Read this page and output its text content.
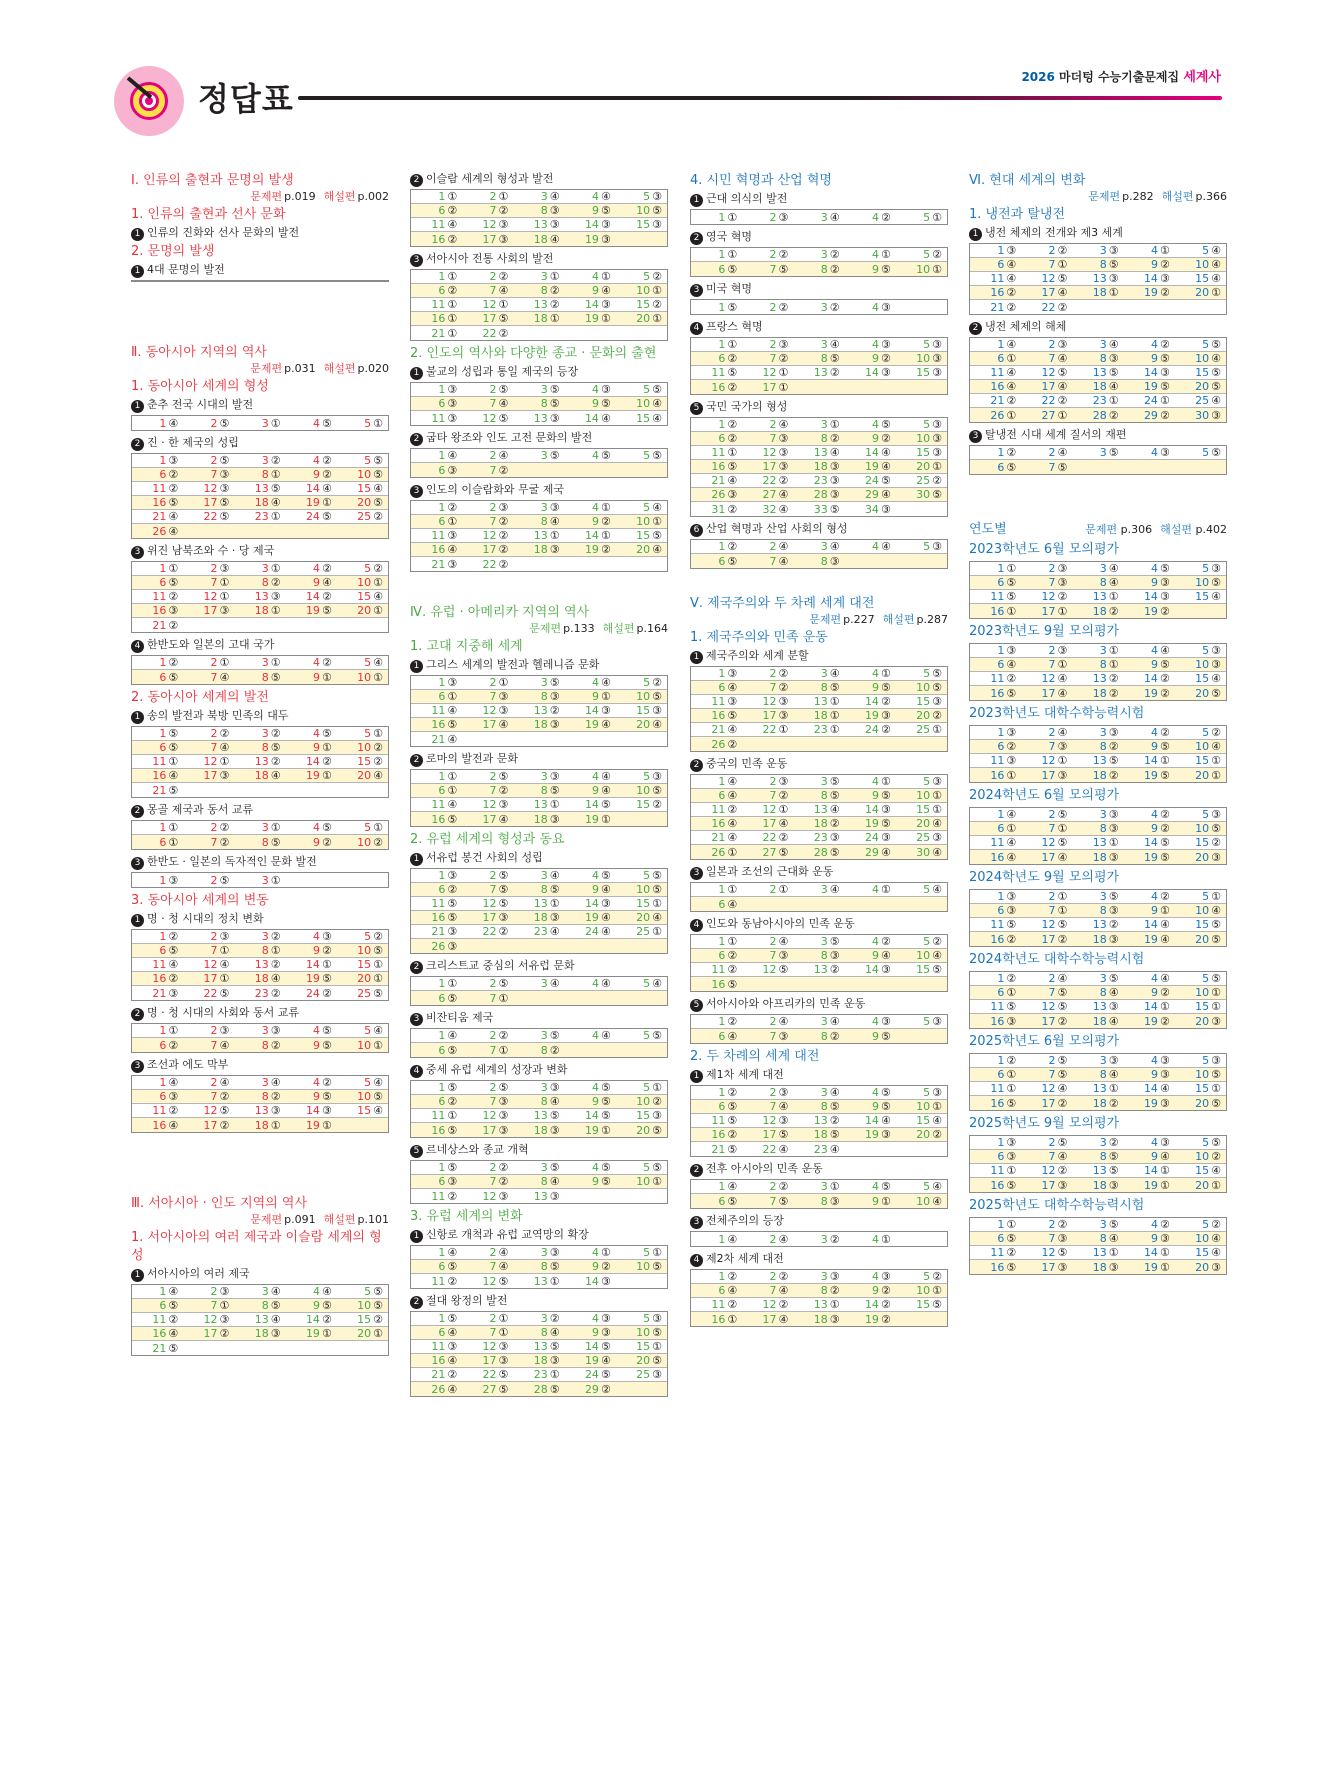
정답표
2026 마더텅 수능기출문제집 세계사
Ⅰ. 인류의 출현과 문명의 발생
문제편 p.019 해설편 p.002
1. 인류의 출현과 선사 문화
1 인류의 진화와 선사 문화의 발전
2. 문명의 발생
1 4대 문명의 발전
Ⅱ. 동아시아 지역의 역사
문제편 p.031 해설편 p.020
1. 동아시아 세계의 형성
1 춘추 전국 시대의 발전
1 ④	2 ⑤	3 ①	4 ⑤	5 ①
2 진 · 한 제국의 성립
1 ③	2 ⑤	3 ②	4 ②	5 ⑤
6 ②	7 ③	8 ①	9 ② 10 ⑤
11 ② 12 ③ 13 ⑤ 14 ④ 15 ④
16 ⑤ 17 ⑤ 18 ④ 19 ① 20 ⑤
21 ④ 22 ⑤ 23 ① 24 ⑤ 25 ②
26 ④
3 위진 남북조와 수 · 당 제국
1 ①	2 ③	3 ①	4 ②	5 ②
6 ⑤	7 ①	8 ②	9 ④ 10 ①
11 ② 12 ① 13 ③ 14 ② 15 ④
16 ③ 17 ③ 18 ① 19 ⑤ 20 ①
21 ②
4 한반도와 일본의 고대 국가
1 ②	2 ①	3 ①	4 ②	5 ④
6 ⑤	7 ④	8 ⑤	9 ① 10 ①
2. 동아시아 세계의 발전
1 송의 발전과 북방 민족의 대두
1 ⑤	2 ②	3 ②	4 ⑤	5 ①
6 ⑤	7 ④	8 ⑤	9 ① 10 ②
11 ① 12 ① 13 ② 14 ② 15 ②
16 ④ 17 ③ 18 ④ 19 ① 20 ④
21 ⑤
2 몽골 제국과 동서 교류
1 ①	2 ②	3 ①	4 ⑤	5 ①
6 ①	7 ②	8 ⑤	9 ② 10 ②
3 한반도 · 일본의 독자적인 문화 발전
1 ③	2 ⑤	3 ①
3. 동아시아 세계의 변동
1 명 · 청 시대의 정치 변화
1 ②	2 ③	3 ②	4 ③	5 ②
6 ⑤	7 ①	8 ①	9 ② 10 ⑤
11 ④ 12 ④ 13 ② 14 ① 15 ①
16 ② 17 ① 18 ④ 19 ⑤ 20 ①
21 ③ 22 ⑤ 23 ② 24 ② 25 ⑤
2 명 · 청 시대의 사회와 동서 교류
1 ①	2 ③	3 ③	4 ⑤	5 ④
6 ②	7 ④	8 ②	9 ⑤ 10 ①
3 조선과 에도 막부
1 ④	2 ④	3 ④	4 ②	5 ④
6 ③	7 ②	8 ②	9 ⑤ 10 ⑤
11 ② 12 ⑤ 13 ③ 14 ③ 15 ④
16 ④ 17 ② 18 ① 19 ①
Ⅲ. 서아시아 · 인도 지역의 역사
문제편 p.091 해설편 p.101
1. 서아시아의 여러 제국과 이슬람 세계의 형성
1 서아시아의 여러 제국
1 ④	2 ③	3 ④	4 ④	5 ⑤
6 ⑤	7 ①	8 ⑤	9 ⑤ 10 ⑤
11 ② 12 ③ 13 ④ 14 ② 15 ②
16 ④ 17 ② 18 ③ 19 ① 20 ①
21 ⑤
2 이슬람 세계의 형성과 발전
1 ①	2 ①	3 ④	4 ④	5 ③
6 ②	7 ②	8 ③	9 ⑤ 10 ⑤
11 ④ 12 ③ 13 ③ 14 ③ 15 ③
16 ② 17 ③ 18 ④ 19 ③
3 서아시아 전통 사회의 발전
1 ①	2 ②	3 ①	4 ①	5 ②
6 ②	7 ④	8 ②	9 ④ 10 ①
11 ① 12 ① 13 ② 14 ③ 15 ②
16 ① 17 ⑤ 18 ① 19 ① 20 ①
21 ① 22 ②
2. 인도의 역사와 다양한 종교 · 문화의 출현
1 불교의 성립과 통일 제국의 등장
1 ③	2 ⑤	3 ⑤	4 ③	5 ⑤
6 ③	7 ④	8 ⑤	9 ⑤ 10 ④
11 ③ 12 ⑤ 13 ③ 14 ④ 15 ④
2 굽타 왕조와 인도 고전 문화의 발전
1 ④	2 ④	3 ⑤	4 ⑤	5 ⑤
6 ③	7 ②
3 인도의 이슬람화와 무굴 제국
1 ②	2 ③	3 ③	4 ①	5 ④
6 ①	7 ②	8 ④	9 ② 10 ①
11 ③ 12 ② 13 ① 14 ① 15 ⑤
16 ④ 17 ② 18 ③ 19 ② 20 ④
21 ③ 22 ②
Ⅳ. 유럽 · 아메리카 지역의 역사
문제편 p.133 해설편 p.164
1. 고대 지중해 세계
1 그리스 세계의 발전과 헬레니즘 문화
1 ③	2 ①	3 ⑤	4 ④	5 ②
6 ①	7 ③	8 ③	9 ① 10 ⑤
11 ④ 12 ③ 13 ② 14 ③ 15 ③
16 ⑤ 17 ④ 18 ③ 19 ④ 20 ④
21 ④
2 로마의 발전과 문화
1 ①	2 ⑤	3 ③	4 ④	5 ③
6 ①	7 ②	8 ⑤	9 ④ 10 ⑤
11 ④ 12 ③ 13 ① 14 ⑤ 15 ②
16 ⑤ 17 ④ 18 ③ 19 ①
2. 유럽 세계의 형성과 동요
1 서유럽 봉건 사회의 성립
1 ③	2 ⑤	3 ④	4 ⑤	5 ⑤
6 ②	7 ⑤	8 ⑤	9 ④ 10 ⑤
11 ⑤ 12 ⑤ 13 ① 14 ③ 15 ①
16 ⑤ 17 ③ 18 ③ 19 ④ 20 ④
21 ③ 22 ② 23 ④ 24 ④ 25 ①
26 ③
2 크리스트교 중심의 서유럽 문화
1 ①	2 ⑤	3 ④	4 ④	5 ④
6 ⑤	7 ①
3 비잔티움 제국
1 ④	2 ②	3 ⑤	4 ④	5 ⑤
6 ⑤	7 ①	8 ②
4 중세 유럽 세계의 성장과 변화
1 ⑤	2 ⑤	3 ③	4 ⑤	5 ①
6 ②	7 ③	8 ④	9 ⑤ 10 ②
11 ① 12 ③ 13 ⑤ 14 ⑤ 15 ③
16 ⑤ 17 ③ 18 ③ 19 ① 20 ⑤
5 르네상스와 종교 개혁
1 ⑤	2 ②	3 ⑤	4 ⑤	5 ⑤
6 ③	7 ②	8 ④	9 ⑤ 10 ①
11 ② 12 ③ 13 ③
3. 유럽 세계의 변화
1 신항로 개척과 유럽 교역망의 확장
1 ④	2 ④	3 ③	4 ①	5 ①
6 ⑤	7 ④	8 ⑤	9 ② 10 ⑤
11 ② 12 ⑤ 13 ① 14 ③
2 절대 왕정의 발전
1 ⑤	2 ①	3 ②	4 ③	5 ③
6 ④	7 ①	8 ④	9 ③ 10 ⑤
11 ③ 12 ③ 13 ⑤ 14 ⑤ 15 ①
16 ④ 17 ③ 18 ③ 19 ④ 20 ⑤
21 ② 22 ⑤ 23 ① 24 ⑤ 25 ③
26 ④ 27 ⑤ 28 ⑤ 29 ②
4. 시민 혁명과 산업 혁명
1 근대 의식의 발전
1 ①	2 ③	3 ④	4 ②	5 ①
2 영국 혁명
1 ①	2 ②	3 ②	4 ①	5 ②
6 ⑤	7 ⑤	8 ②	9 ⑤ 10 ①
3 미국 혁명
1 ⑤	2 ②	3 ②	4 ③
4 프랑스 혁명
1 ①	2 ③	3 ④	4 ③	5 ③
6 ②	7 ②	8 ⑤	9 ② 10 ③
11 ⑤ 12 ① 13 ② 14 ③ 15 ③
16 ② 17 ①
5 국민 국가의 형성
1 ②	2 ④	3 ①	4 ⑤	5 ③
6 ②	7 ③	8 ②	9 ② 10 ③
11 ① 12 ③ 13 ④ 14 ④ 15 ③
16 ⑤ 17 ③ 18 ③ 19 ④ 20 ①
21 ④ 22 ② 23 ③ 24 ⑤ 25 ②
26 ③ 27 ④ 28 ③ 29 ④ 30 ⑤
31 ② 32 ④ 33 ⑤ 34 ③
6 산업 혁명과 산업 사회의 형성
1 ②	2 ④	3 ④	4 ④	5 ③
6 ⑤	7 ④	8 ③
Ⅴ. 제국주의와 두 차례 세계 대전
문제편 p.227 해설편 p.287
1. 제국주의와 민족 운동
1 제국주의와 세계 분할
1 ③	2 ②	3 ④	4 ①	5 ⑤
6 ④	7 ②	8 ⑤	9 ⑤ 10 ⑤
11 ③ 12 ③ 13 ① 14 ② 15 ③
16 ⑤ 17 ③ 18 ① 19 ③ 20 ②
21 ④ 22 ① 23 ① 24 ② 25 ①
26 ②
2 중국의 민족 운동
1 ④	2 ③	3 ⑤	4 ①	5 ③
6 ④	7 ②	8 ⑤	9 ⑤ 10 ①
11 ② 12 ① 13 ④ 14 ③ 15 ①
16 ④ 17 ④ 18 ② 19 ⑤ 20 ④
21 ④ 22 ② 23 ③ 24 ③ 25 ③
26 ① 27 ⑤ 28 ⑤ 29 ④ 30 ④
3 일본과 조선의 근대화 운동
1 ①	2 ①	3 ④	4 ①	5 ④
6 ④
4 인도와 동남아시아의 민족 운동
1 ①	2 ④	3 ⑤	4 ②	5 ②
6 ②	7 ③	8 ③	9 ④ 10 ④
11 ② 12 ⑤ 13 ② 14 ③ 15 ⑤
16 ⑤
5 서아시아와 아프리카의 민족 운동
1 ②	2 ④	3 ④	4 ③	5 ③
6 ④	7 ③	8 ②	9 ⑤
2. 두 차례의 세계 대전
1 제1차 세계 대전
1 ②	2 ③	3 ④	4 ⑤	5 ③
6 ⑤	7 ④	8 ⑤	9 ⑤ 10 ①
11 ⑤ 12 ③ 13 ② 14 ④ 15 ④
16 ② 17 ⑤ 18 ⑤ 19 ③ 20 ②
21 ⑤ 22 ④ 23 ④
2 전후 아시아의 민족 운동
1 ④	2 ②	3 ①	4 ⑤	5 ④
6 ⑤	7 ⑤	8 ③	9 ① 10 ④
3 전체주의의 등장
1 ④	2 ④	3 ②	4 ①
4 제2차 세계 대전
1 ②	2 ②	3 ③	4 ③	5 ②
6 ④	7 ④	8 ②	9 ② 10 ①
11 ② 12 ② 13 ① 14 ② 15 ⑤
16 ① 17 ④ 18 ③ 19 ②
Ⅵ. 현대 세계의 변화
문제편 p.282 해설편 p.366
1. 냉전과 탈냉전
1 냉전 체제의 전개와 제3 세계
1 ③	2 ②	3 ③	4 ①	5 ④
6 ④	7 ①	8 ⑤	9 ② 10 ④
11 ④ 12 ⑤ 13 ③ 14 ③ 15 ④
16 ② 17 ④ 18 ① 19 ② 20 ①
21 ② 22 ②
2 냉전 체제의 해체
1 ④	2 ③	3 ④	4 ②	5 ⑤
6 ①	7 ④	8 ③	9 ⑤ 10 ④
11 ④ 12 ⑤ 13 ⑤ 14 ③ 15 ⑤
16 ④ 17 ④ 18 ④ 19 ⑤ 20 ⑤
21 ② 22 ② 23 ① 24 ① 25 ④
26 ① 27 ① 28 ② 29 ② 30 ③
3 탈냉전 시대 세계 질서의 재편
1 ②	2 ④	3 ⑤	4 ③	5 ⑤
6 ⑤	7 ⑤
연도별	문제편 p.306 해설편 p.402
2023학년도 6월 모의평가
1 ①	2 ③	3 ④	4 ⑤	5 ③
6 ⑤	7 ③	8 ④	9 ③ 10 ⑤
11 ⑤ 12 ② 13 ① 14 ③ 15 ④
16 ① 17 ① 18 ② 19 ②
2023학년도 9월 모의평가
1 ③	2 ③	3 ①	4 ④	5 ③
6 ④	7 ①	8 ①	9 ⑤ 10 ③
11 ② 12 ④ 13 ② 14 ② 15 ④
16 ⑤ 17 ④ 18 ② 19 ② 20 ⑤
2023학년도 대학수학능력시험
1 ③	2 ④	3 ③	4 ②	5 ②
6 ②	7 ③	8 ②	9 ⑤ 10 ④
11 ③ 12 ① 13 ⑤ 14 ① 15 ①
16 ① 17 ③ 18 ② 19 ⑤ 20 ①
2024학년도 6월 모의평가
1 ④	2 ⑤	3 ③	4 ②	5 ③
6 ①	7 ①	8 ③	9 ② 10 ⑤
11 ④ 12 ⑤ 13 ① 14 ⑤ 15 ②
16 ④ 17 ④ 18 ③ 19 ⑤ 20 ③
2024학년도 9월 모의평가
1 ③	2 ①	3 ⑤	4 ②	5 ①
6 ③	7 ①	8 ③	9 ① 10 ④
11 ⑤ 12 ⑤ 13 ② 14 ④ 15 ⑤
16 ② 17 ② 18 ③ 19 ④ 20 ⑤
2024학년도 대학수학능력시험
1 ②	2 ④	3 ⑤	4 ④	5 ⑤
6 ①	7 ⑤	8 ④	9 ② 10 ①
11 ⑤ 12 ⑤ 13 ③ 14 ① 15 ①
16 ③ 17 ② 18 ④ 19 ② 20 ③
2025학년도 6월 모의평가
1 ②	2 ⑤	3 ③	4 ③	5 ③
6 ①	7 ⑤	8 ④	9 ③ 10 ⑤
11 ① 12 ④ 13 ① 14 ④ 15 ①
16 ⑤ 17 ② 18 ② 19 ③ 20 ⑤
2025학년도 9월 모의평가
1 ③	2 ⑤	3 ②	4 ③	5 ⑤
6 ③	7 ④	8 ⑤	9 ④ 10 ②
11 ① 12 ② 13 ⑤ 14 ① 15 ④
16 ⑤ 17 ③ 18 ③ 19 ① 20 ①
2025학년도 대학수학능력시험
1 ①	2 ②	3 ⑤	4 ②	5 ②
6 ⑤	7 ③	8 ④	9 ③ 10 ④
11 ② 12 ⑤ 13 ① 14 ① 15 ④
16 ⑤ 17 ③ 18 ③ 19 ① 20 ③
